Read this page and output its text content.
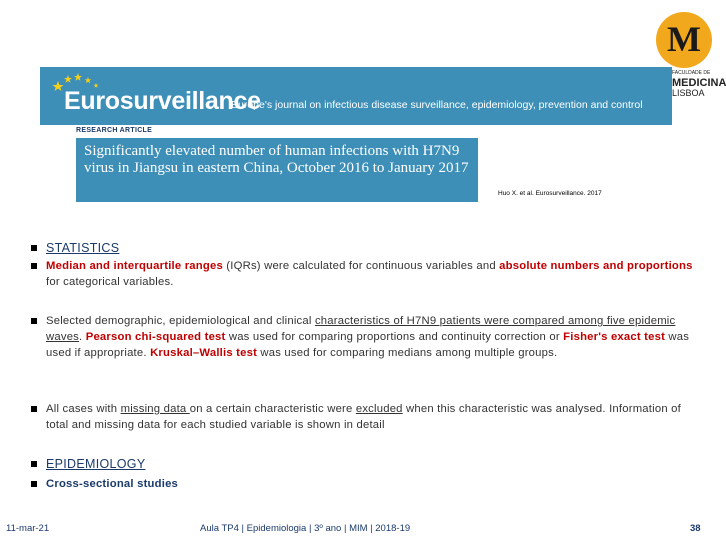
Eurosurveillance
Europe's journal on infectious disease surveillance, epidemiology, prevention and control
RESEARCH ARTICLE
Significantly elevated number of human infections with H7N9 virus in Jiangsu in eastern China, October 2016 to January 2017
Huo X. et al. Eurosurveillance. 2017
M
FACULDADE DE
MEDICINA
LISBOA
STATISTICS
Median and interquartile ranges (IQRs) were calculated for continuous variables and absolute numbers and proportions for categorical variables.
Selected demographic, epidemiological and clinical characteristics of H7N9 patients were compared among five epidemic waves. Pearson chi-squared test was used for comparing proportions and continuity correction or Fisher's exact test was used if appropriate. Kruskal–Wallis test was used for comparing medians among multiple groups.
All cases with missing data on a certain characteristic were excluded when this characteristic was analysed. Information of total and missing data for each studied variable is shown in detail
EPIDEMIOLOGY
Cross-sectional studies
11-mar-21	Aula TP4 | Epidemiologia | 3º ano | MIM | 2018-19	38
